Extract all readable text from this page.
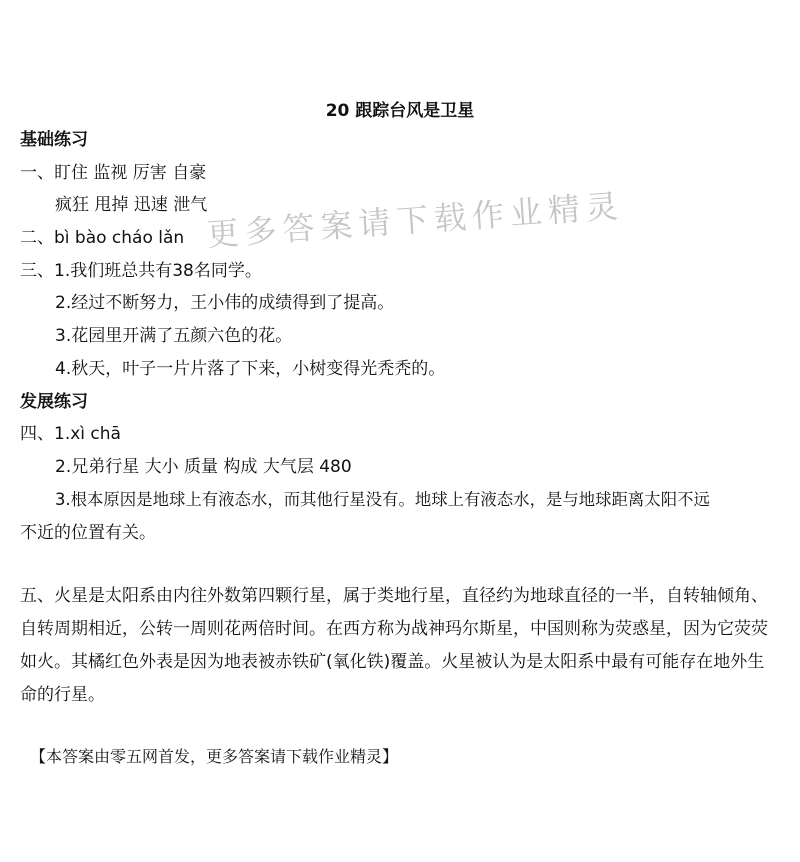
20 跟踪台风是卫星
基础练习
一、盯住 监视 厉害 自豪
疯狂 甩掉 迅速 泄气
二、bì bào cháo lǎn
三、1.我们班总共有38名同学。
2.经过不断努力，王小伟的成绩得到了提高。
3.花园里开满了五颜六色的花。
4.秋天，叶子一片片落了下来，小树变得光秃秃的。
发展练习
四、1.xì chā
2.兄弟行星 大小 质量 构成 大气层 480
3.根本原因是地球上有液态水，而其他行星没有。地球上有液态水，是与地球距离太阳不远
不近的位置有关。
五、火星是太阳系由内往外数第四颗行星，属于类地行星，直径约为地球直径的一半，自转轴倾角、自转周期相近，公转一周则花两倍时间。在西方称为战神玛尔斯星，中国则称为荧惑星，因为它荧荧如火。其橘红色外表是因为地表被赤铁矿(氧化铁)覆盖。火星被认为是太阳系中最有可能存在地外生命的行星。
更多答案请下载作业精灵
【本答案由零五网首发，更多答案请下载作业精灵】
